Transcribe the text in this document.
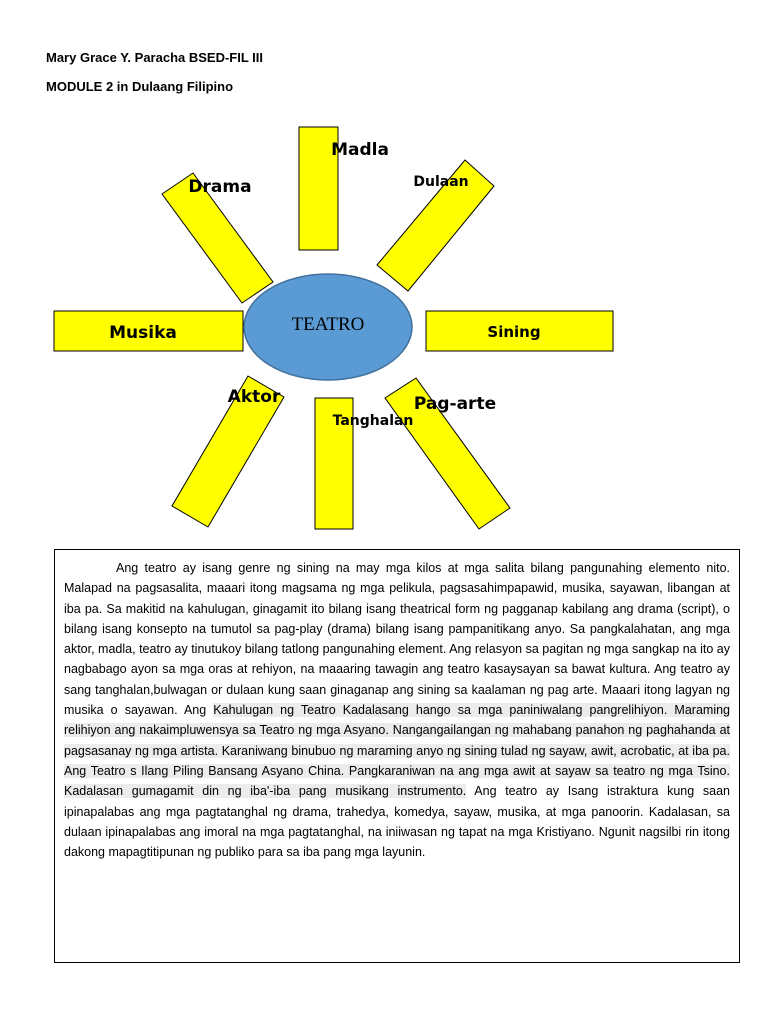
Mary Grace Y. Paracha BSED-FIL III
MODULE 2 in Dulaang Filipino
TEATRO
Madla
Drama	Dulaan
Musika	Sining
Aktor
Tanghalan
Pag-arte

Ang teatro ay isang genre ng sining na may mga kilos at mga salita bilang pangunahing elemento nito. Malapad na pagsasalita, maaari itong magsama ng mga pelikula, pagsasahimpapawid, musika, sayawan, libangan at iba pa. Sa makitid na kahulugan, ginagamit ito bilang isang theatrical form ng pagganap kabilang ang drama (script), o bilang isang konsepto na tumutol sa pag-play (drama) bilang isang pampanitikang anyo. Sa pangkalahatan, ang mga aktor, madla, teatro ay tinutukoy bilang tatlong pangunahing element. Ang relasyon sa pagitan ng mga sangkap na ito ay nagbabago ayon sa mga oras at rehiyon, na maaaring tawagin ang teatro kasaysayan sa bawat kultura. Ang teatro ay sang tanghalan,bulwagan or dulaan kung saan ginaganap ang sining sa kaalaman ng pag arte. Maaari itong lagyan ng musika o sayawan. Ang Kahulugan ng Teatro Kadalasang hango sa mga paniniwalang pangrelihiyon. Maraming relihiyon ang nakaimpluwensya sa Teatro ng mga Asyano. Nangangailangan ng mahabang panahon ng paghahanda at pagsasanay ng mga artista. Karaniwang binubuo ng maraming anyo ng sining tulad ng sayaw, awit, acrobatic, at iba pa. Ang Teatro s Ilang Piling Bansang Asyano China. Pangkaraniwan na ang mga awit at sayaw sa teatro ng mga Tsino. Kadalasan gumagamit din ng iba'-iba pang musikang instrumento. Ang teatro ay Isang istraktura kung saan ipinapalabas ang mga pagtatanghal ng drama, trahedya, komedya, sayaw, musika, at mga panoorin. Kadalasan, sa dulaan ipinapalabas ang imoral na mga pagtatanghal, na iniiwasan ng tapat na mga Kristiyano. Ngunit nagsilbi rin itong dakong mapagtitipunan ng publiko para sa iba pang mga layunin.
